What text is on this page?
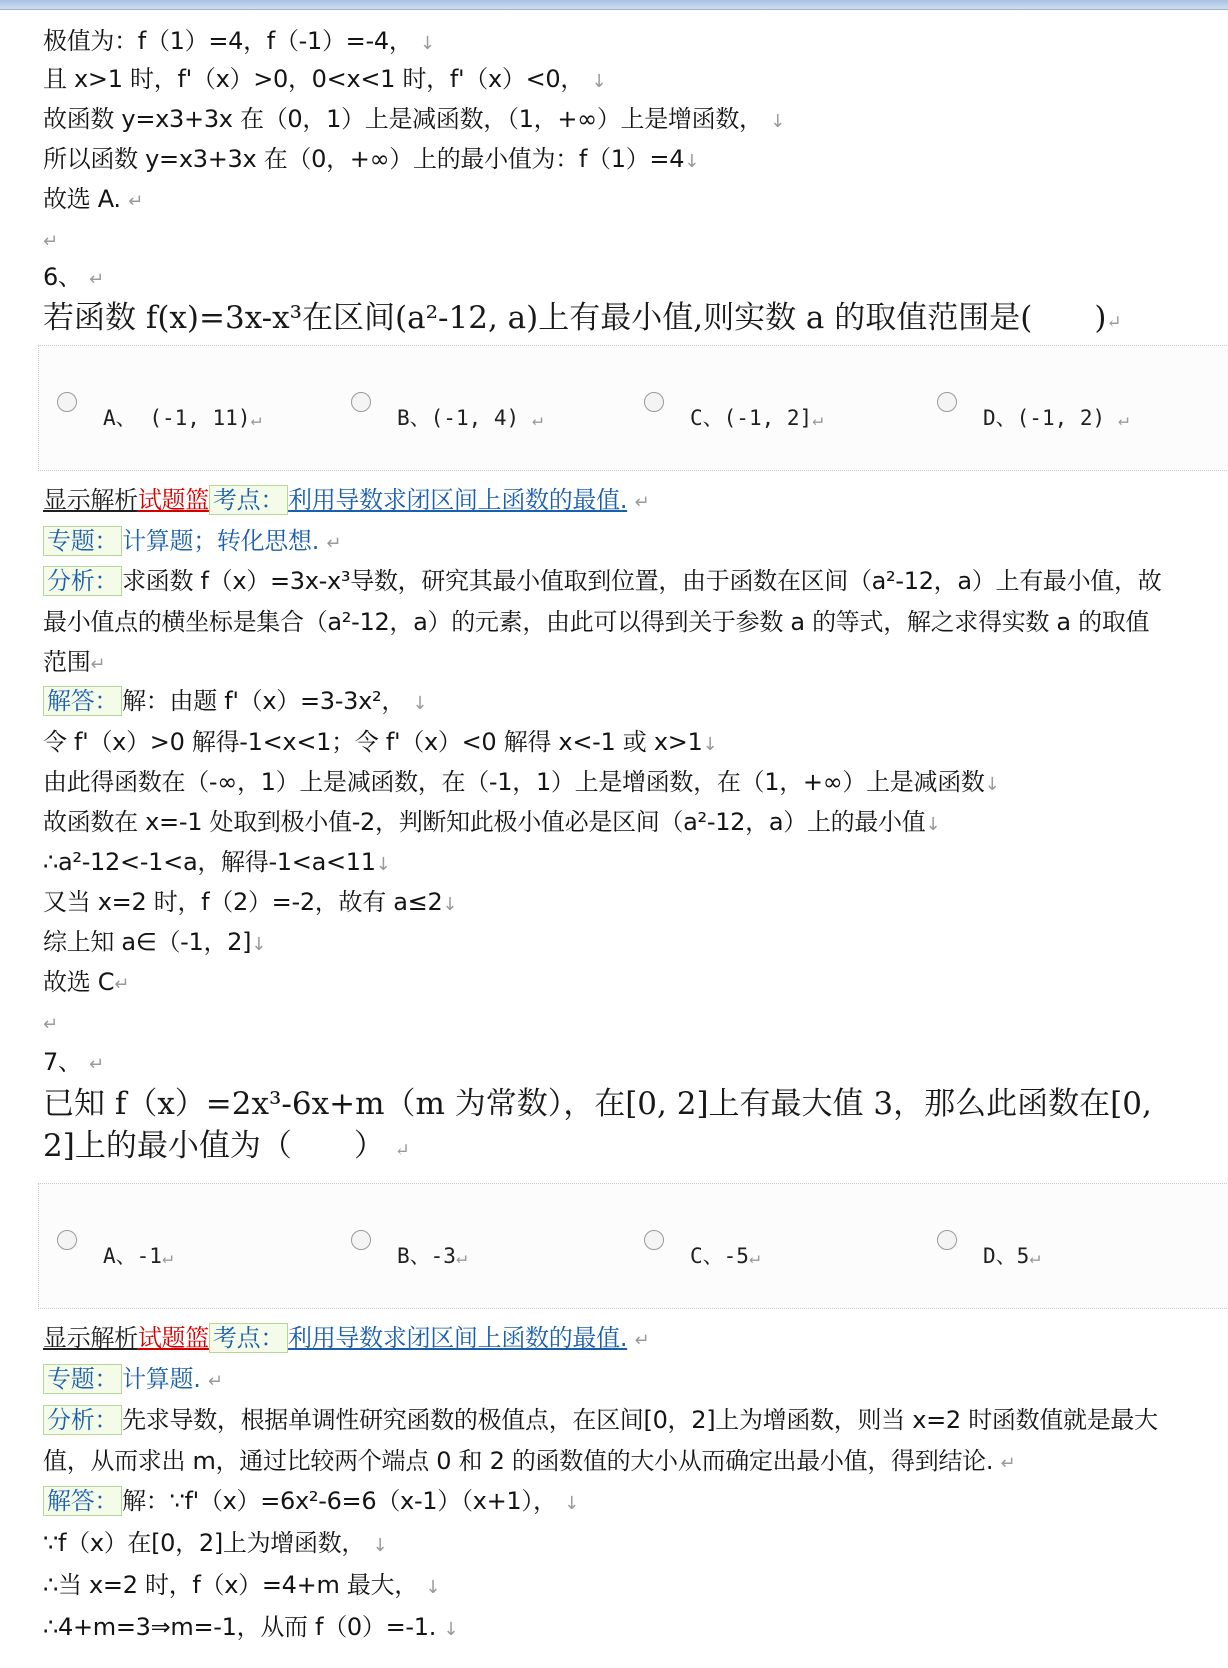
极值为：f（1）=4，f（-1）=-4， ↓
且 x>1 时，f'（x）>0，0<x<1 时，f'（x）<0， ↓
故函数 y=x3+3x 在（0，1）上是减函数，（1，+∞）上是增函数， ↓
所以函数 y=x3+3x 在（0，+∞）上的最小值为：f（1）=4↓
故选 A. ↵
↵
6、 ↵
若函数 f(x)=3x-x³在区间(a²-12, a)上有最小值,则实数 a 的取值范围是(　　)↵
A、 (-1, 11)↵	B、(-1, 4) ↵	C、(-1, 2]↵	D、(-1, 2) ↵
显示解析试题篮 考点： 利用导数求闭区间上函数的最值. ↵
专题： 计算题；转化思想. ↵
分析： 求函数 f（x）=3x-x³导数，研究其最小值取到位置，由于函数在区间（a²-12，a）上有最小值，故
最小值点的横坐标是集合（a²-12，a）的元素，由此可以得到关于参数 a 的等式，解之求得实数 a 的取值
范围↵
解答： 解：由题 f'（x）=3-3x²， ↓
令 f'（x）>0 解得-1<x<1；令 f'（x）<0 解得 x<-1 或 x>1↓
由此得函数在（-∞，1）上是减函数，在（-1，1）上是增函数，在（1，+∞）上是减函数↓
故函数在 x=-1 处取到极小值-2，判断知此极小值必是区间（a²-12，a）上的最小值↓
∴a²-12<-1<a，解得-1<a<11↓
又当 x=2 时，f（2）=-2，故有 a≤2↓
综上知 a∈（-1，2]↓
故选 C↵
↵
7、 ↵
已知 f（x）=2x³-6x+m（m 为常数），在[0, 2]上有最大值 3，那么此函数在[0,
2]上的最小值为（　　） ↵
A、-1↵	B、-3↵	C、-5↵	D、5↵
显示解析试题篮 考点： 利用导数求闭区间上函数的最值. ↵
专题： 计算题. ↵
分析： 先求导数，根据单调性研究函数的极值点，在区间[0，2]上为增函数，则当 x=2 时函数值就是最大
值，从而求出 m，通过比较两个端点 0 和 2 的函数值的大小从而确定出最小值，得到结论. ↵
解答： 解：∵f'（x）=6x²-6=6（x-1）（x+1）， ↓
∵f（x）在[0，2]上为增函数， ↓
∴当 x=2 时，f（x）=4+m 最大， ↓
∴4+m=3⇒m=-1，从而 f（0）=-1. ↓
